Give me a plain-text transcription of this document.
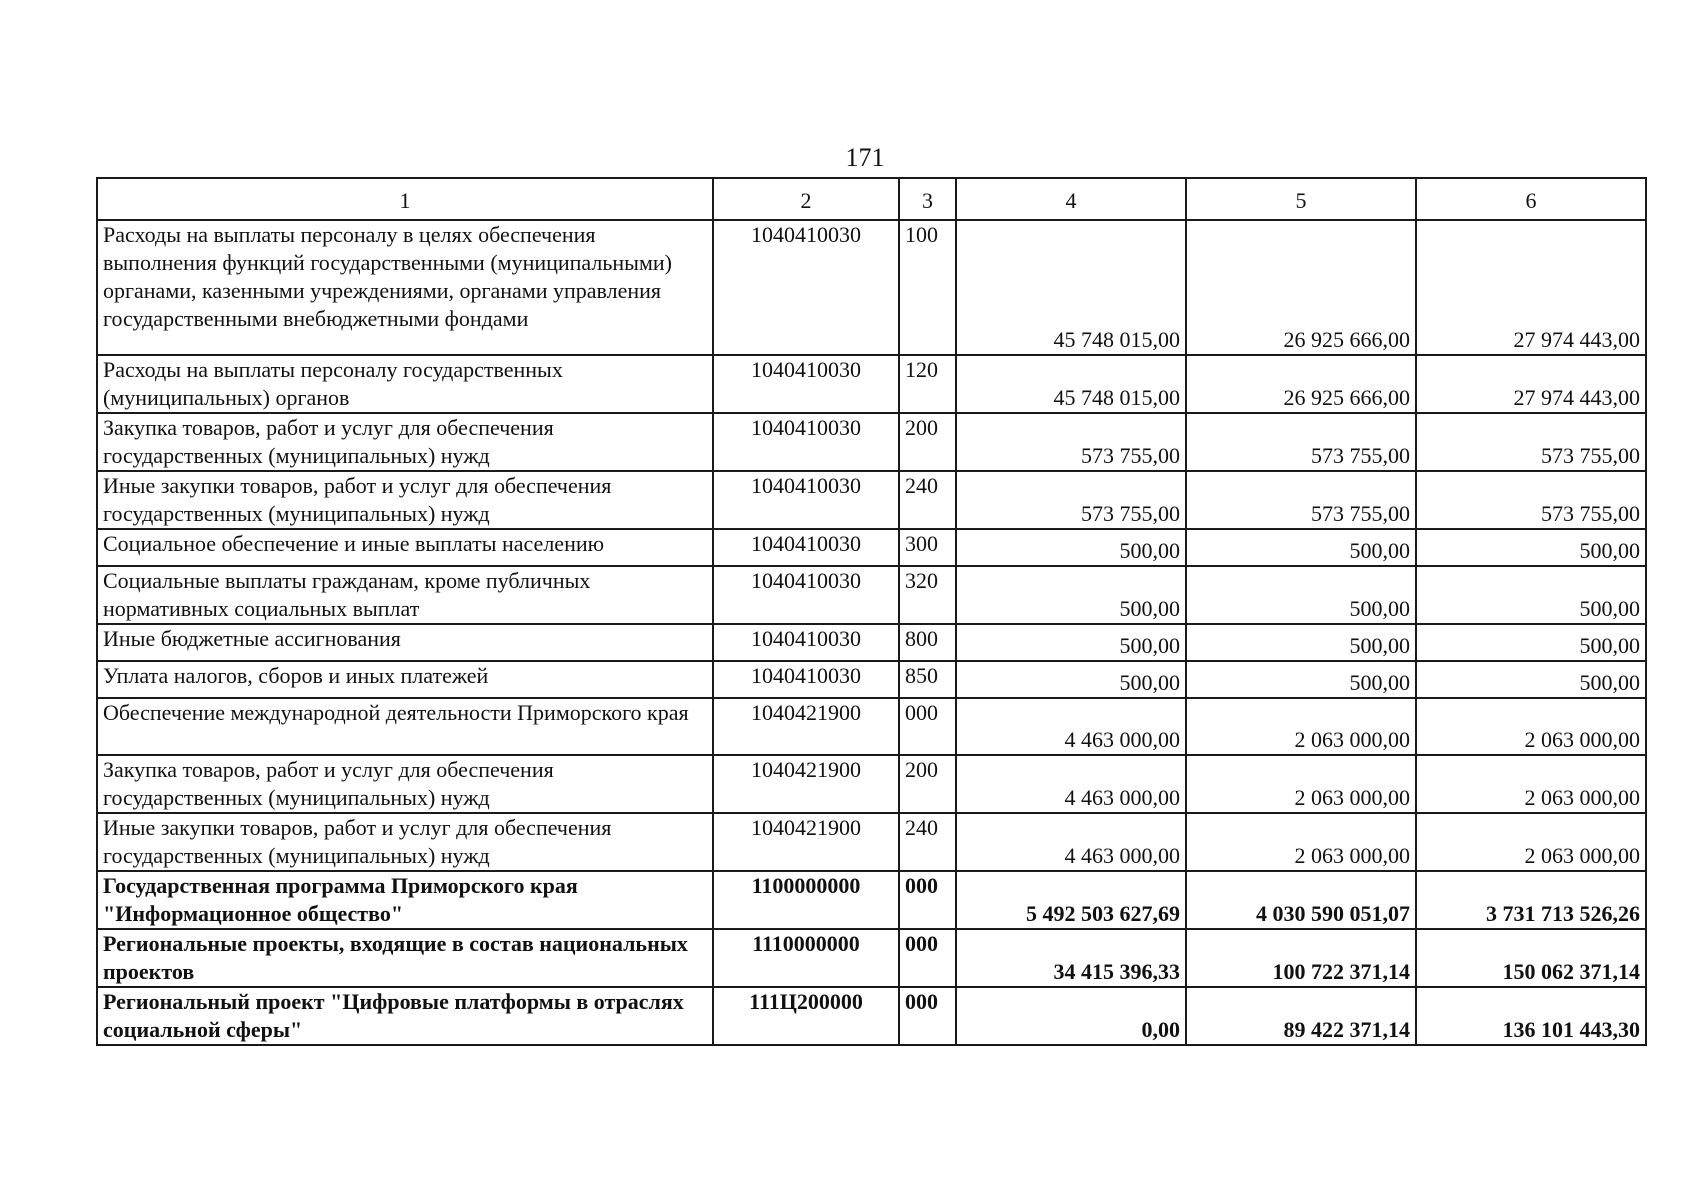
171
1	2	3	4	5	6
Расходы на выплаты персоналу в целях обеспечения выполнения функций государственными (муниципальными) органами, казенными учреждениями, органами управления государственными внебюджетными фондами	1040410030	100	45 748 015,00	26 925 666,00	27 974 443,00
Расходы на выплаты персоналу государственных (муниципальных) органов	1040410030	120	45 748 015,00	26 925 666,00	27 974 443,00
Закупка товаров, работ и услуг для обеспечения государственных (муниципальных) нужд	1040410030	200	573 755,00	573 755,00	573 755,00
Иные закупки товаров, работ и услуг для обеспечения государственных (муниципальных) нужд	1040410030	240	573 755,00	573 755,00	573 755,00
Социальное обеспечение и иные выплаты населению	1040410030	300	500,00	500,00	500,00
Социальные выплаты гражданам, кроме публичных нормативных социальных выплат	1040410030	320	500,00	500,00	500,00
Иные бюджетные ассигнования	1040410030	800	500,00	500,00	500,00
Уплата налогов, сборов и иных платежей	1040410030	850	500,00	500,00	500,00
Обеспечение международной деятельности Приморского края	1040421900	000	4 463 000,00	2 063 000,00	2 063 000,00
Закупка товаров, работ и услуг для обеспечения государственных (муниципальных) нужд	1040421900	200	4 463 000,00	2 063 000,00	2 063 000,00
Иные закупки товаров, работ и услуг для обеспечения государственных (муниципальных) нужд	1040421900	240	4 463 000,00	2 063 000,00	2 063 000,00
Государственная программа Приморского края "Информационное общество"	1100000000	000	5 492 503 627,69	4 030 590 051,07	3 731 713 526,26
Региональные проекты, входящие в состав национальных проектов	1110000000	000	34 415 396,33	100 722 371,14	150 062 371,14
Региональный проект "Цифровые платформы в отраслях социальной сферы"	111Ц200000	000	0,00	89 422 371,14	136 101 443,30
